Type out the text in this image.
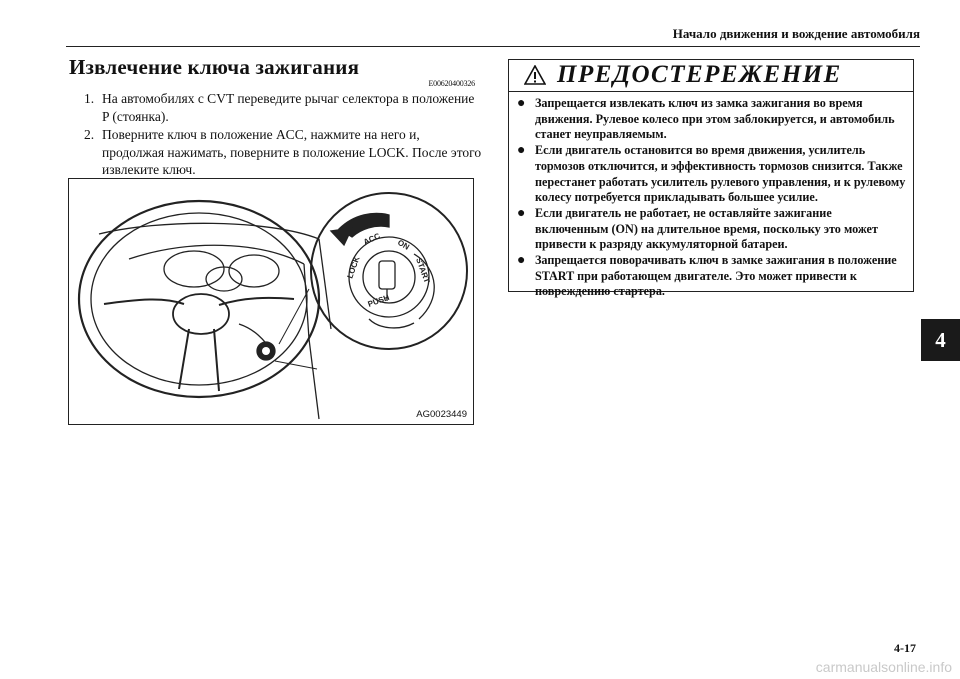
Начало движения и вождение автомобиля
Извлечение ключа зажигания
E00620400326
1. На автомобилях с CVT переведите рычаг селектора в положение P (стоянка).
2. Поверните ключ в положение ACC, нажмите на него и, продолжая нажимать, поверните в положение LOCK. После этого извлеките ключ.
LOCK
ACC ON
START
PUSH
AG0023449
ПРЕДОСТЕРЕЖЕНИЕ
● Запрещается извлекать ключ из замка зажигания во время движения. Рулевое колесо при этом заблокируется, и автомобиль станет неуправляемым.
● Если двигатель остановится во время движения, усилитель тормозов отключится, и эффективность тормозов снизится. Также перестанет работать усилитель рулевого управления, и к рулевому колесу потребуется прикладывать большее усилие.
● Если двигатель не работает, не оставляйте зажигание включенным (ON) на длительное время, поскольку это может привести к разряду аккумуляторной батареи.
● Запрещается поворачивать ключ в замке зажигания в положение START при работающем двигателе. Это может привести к повреждению стартера.
4
4-17
carmanualsonline.info
